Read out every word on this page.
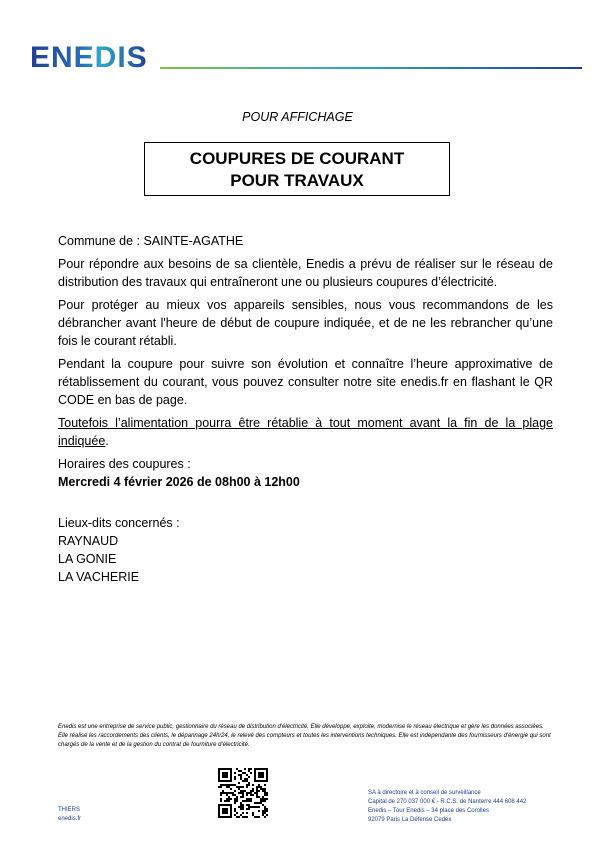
ENEDIS
POUR AFFICHAGE
COUPURES DE COURANT
POUR TRAVAUX

Commune de : SAINTE-AGATHE

Pour répondre aux besoins de sa clientèle, Enedis a prévu de réaliser sur le réseau de distribution des travaux qui entraîneront une ou plusieurs coupures d’électricité.

Pour protéger au mieux vos appareils sensibles, nous vous recommandons de les débrancher avant l'heure de début de coupure indiquée, et de ne les rebrancher qu’une fois le courant rétabli.

Pendant la coupure pour suivre son évolution et connaître l’heure approximative de rétablissement du courant, vous pouvez consulter notre site enedis.fr en flashant le QR CODE en bas de page.

Toutefois l’alimentation pourra être rétablie à tout moment avant la fin de la plage indiquée.

Horaires des coupures :

Mercredi 4 février 2026 de 08h00 à 12h00

Lieux-dits concernés :

RAYNAUD

LA GONIE

LA VACHERIE

Enedis est une entreprise de service public, gestionnaire du réseau de distribution d'électricité. Elle développe, exploite, modernise le réseau électrique et gère les données associées. Elle réalise les raccordements des clients, le dépannage 24h/24, le relevé des compteurs et toutes les interventions techniques. Elle est indépendante des fournisseurs d'énergie qui sont chargés de la vente et de la gestion du contrat de fourniture d'électricité.
THIERS
enedis.fr
SA à directoire et à conseil de surveillance
Capital de 270 037 000 € - R.C.S. de Nanterre 444 608 442
Enedis – Tour Enedis – 34 place des Corolles
92079 Paris La Défense Cedex
